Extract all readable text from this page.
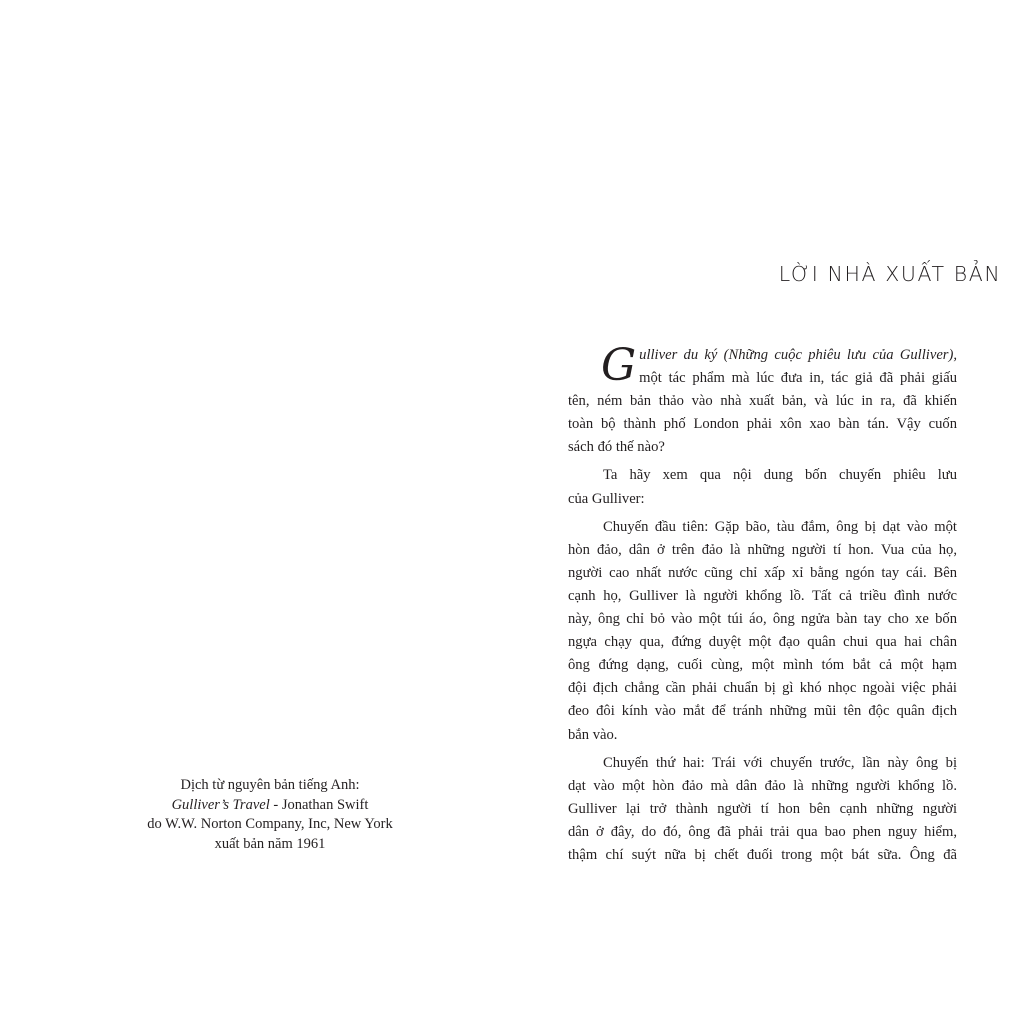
Dịch từ nguyên bản tiếng Anh:
Gulliver’s Travel - Jonathan Swift
do W.W. Norton Company, Inc, New York
xuất bản năm 1961
LỜI NHÀ XUẤT BẢN

G ulliver du ký (Những cuộc phiêu lưu của Gulliver),
một tác phẩm mà lúc đưa in, tác giả đã phải giấu
tên, ném bản thảo vào nhà xuất bản, và lúc in ra, đã khiến
toàn bộ thành phố London phải xôn xao bàn tán. Vậy cuốn
sách đó thế nào?

Ta hãy xem qua nội dung bốn chuyến phiêu lưu
của Gulliver:

Chuyến đầu tiên: Gặp bão, tàu đắm, ông bị dạt vào một
hòn đảo, dân ở trên đảo là những người tí hon. Vua của họ,
người cao nhất nước cũng chỉ xấp xỉ bằng ngón tay cái. Bên
cạnh họ, Gulliver là người khổng lồ. Tất cả triều đình nước
này, ông chỉ bỏ vào một túi áo, ông ngửa bàn tay cho xe bốn
ngựa chạy qua, đứng duyệt một đạo quân chui qua hai chân
ông đứng dạng, cuối cùng, một mình tóm bắt cả một hạm
đội địch chẳng cần phải chuẩn bị gì khó nhọc ngoài việc phải
đeo đôi kính vào mắt để tránh những mũi tên độc quân địch
bắn vào.

Chuyến thứ hai: Trái với chuyến trước, lần này ông bị
dạt vào một hòn đảo mà dân đảo là những người khổng lồ.
Gulliver lại trở thành người tí hon bên cạnh những người
dân ở đây, do đó, ông đã phải trải qua bao phen nguy hiểm,
thậm chí suýt nữa bị chết đuối trong một bát sữa. Ông đã
